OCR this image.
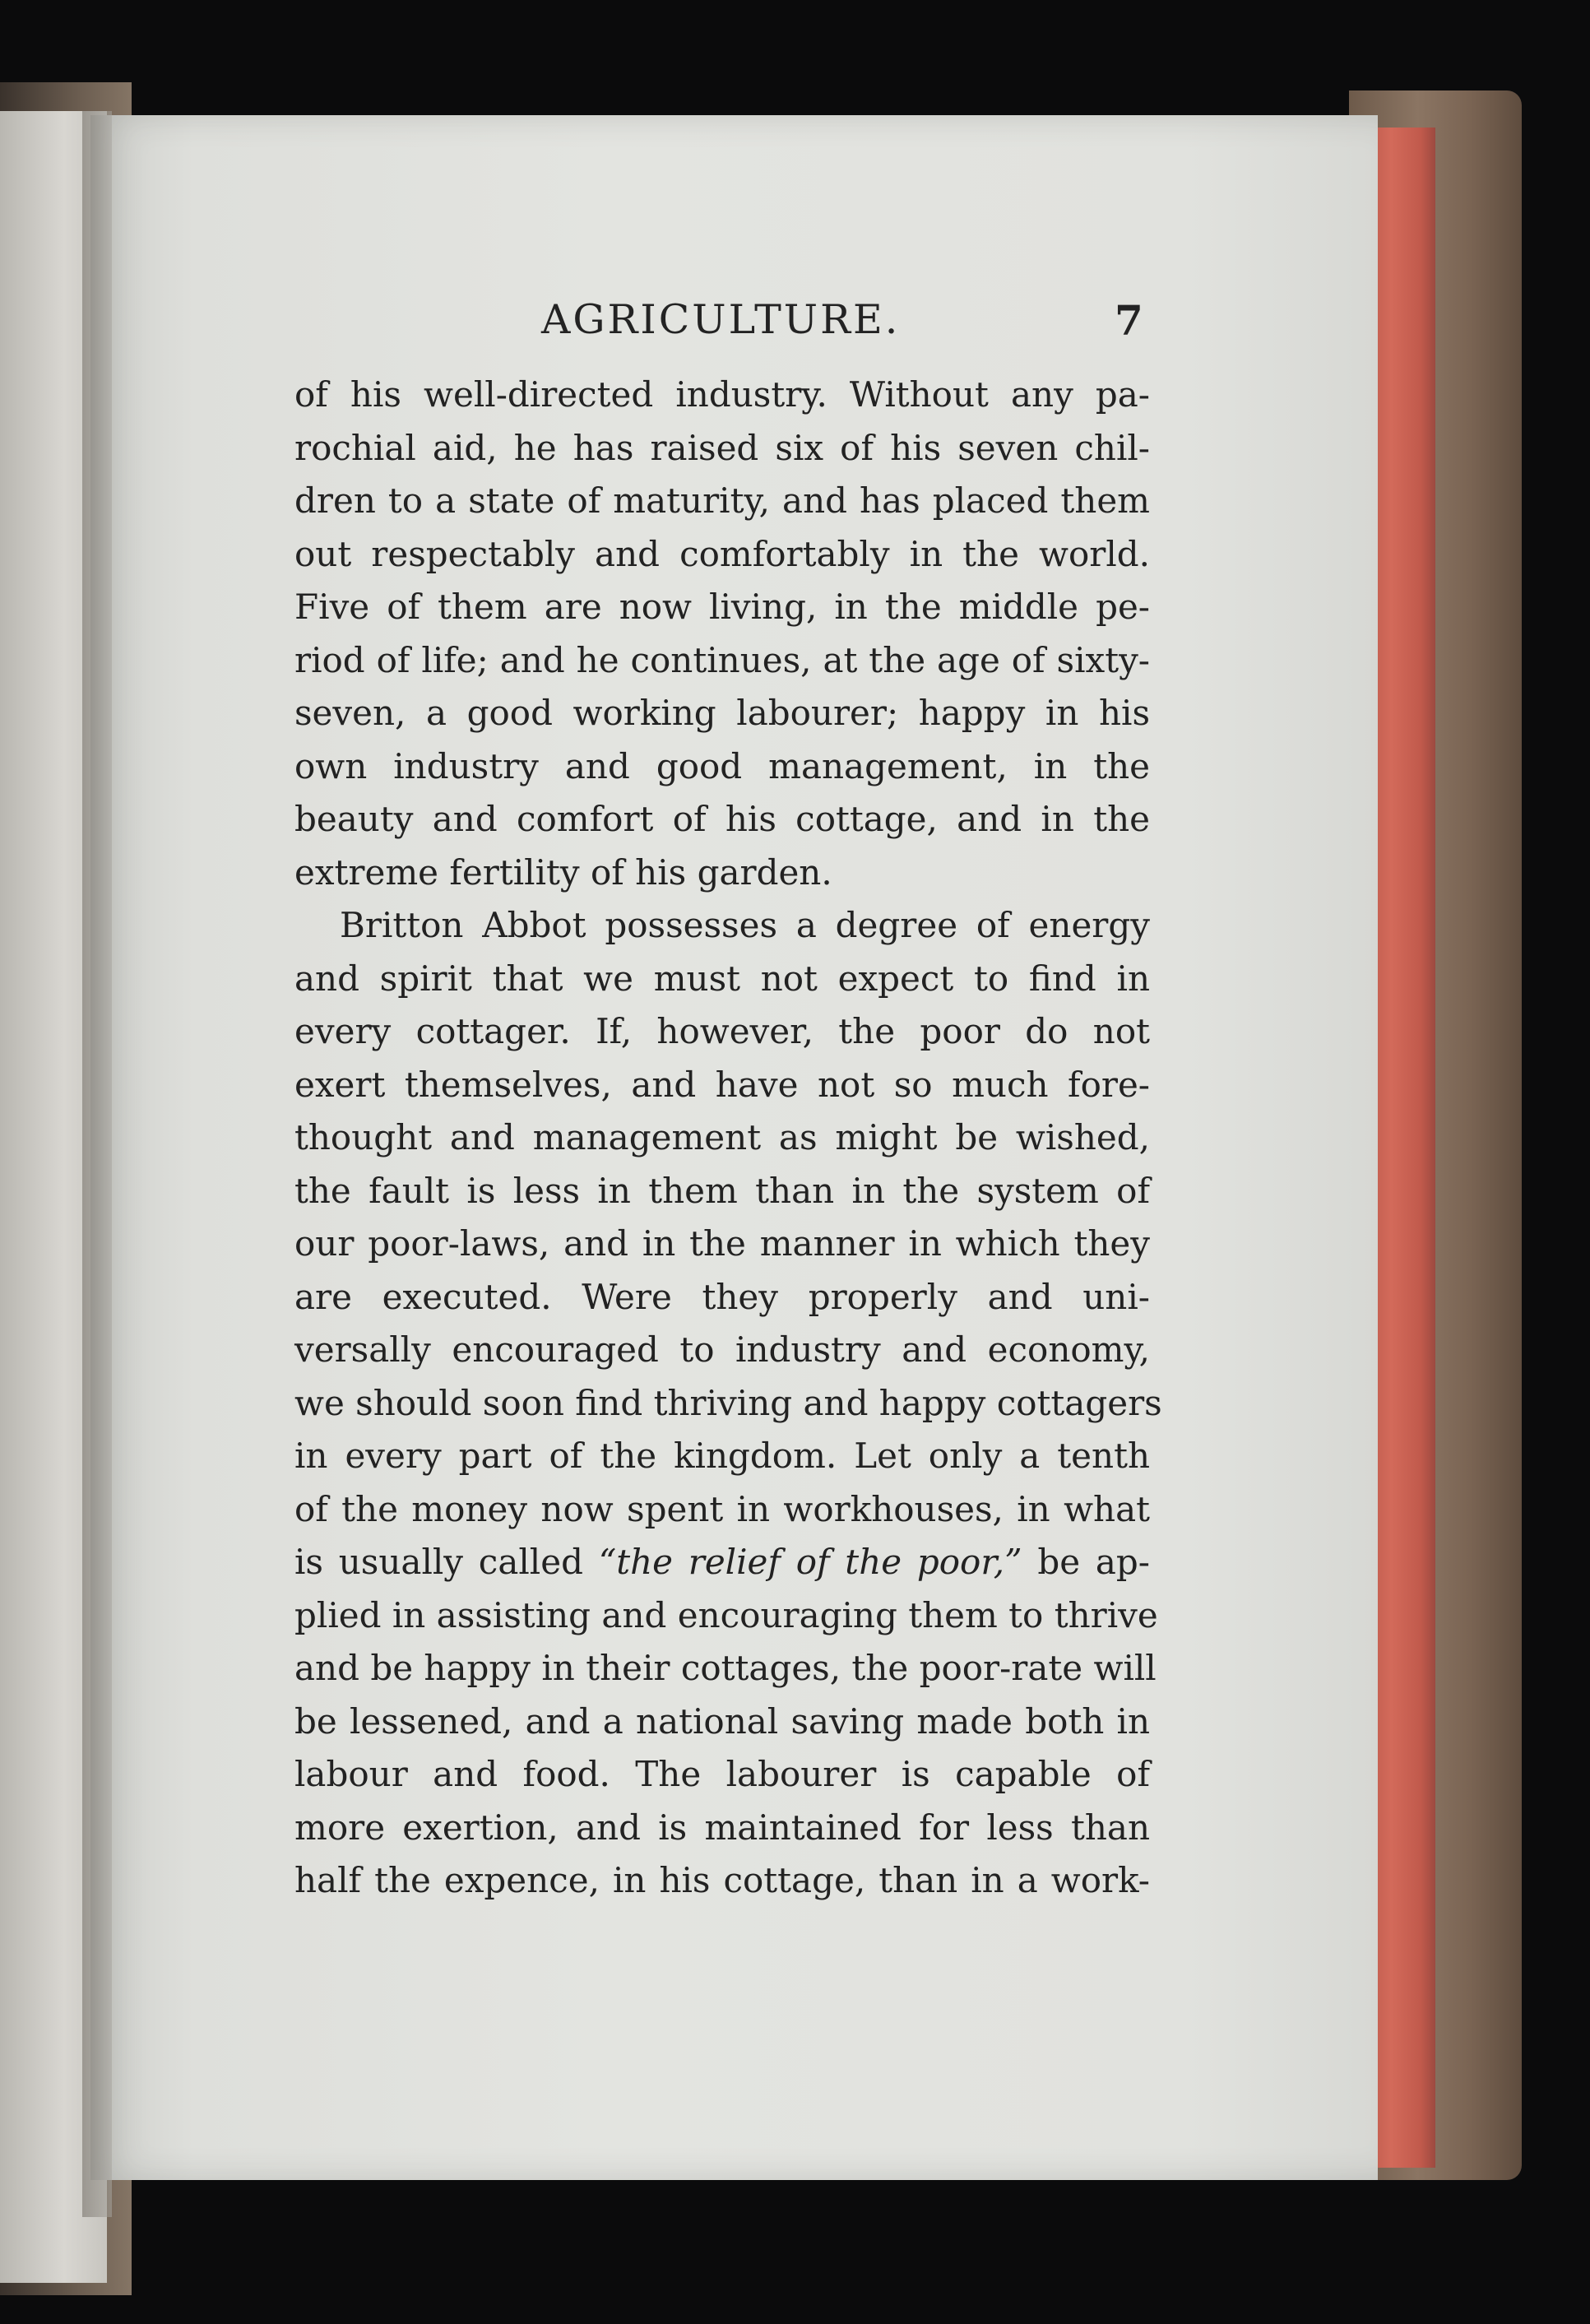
AGRICULTURE.	7
of his well-directed industry. Without any pa-
rochial aid, he has raised six of his seven chil-
dren to a state of maturity, and has placed them
out respectably and comfortably in the world.
Five of them are now living, in the middle pe-
riod of life; and he continues, at the age of sixty-
seven, a good working labourer; happy in his
own industry and good management, in the
beauty and comfort of his cottage, and in the
extreme fertility of his garden.
Britton Abbot possesses a degree of energy
and spirit that we must not expect to find in
every cottager. If, however, the poor do not
exert themselves, and have not so much fore-
thought and management as might be wished,
the fault is less in them than in the system of
our poor-laws, and in the manner in which they
are executed. Were they properly and uni-
versally encouraged to industry and economy,
we should soon find thriving and happy cottagers
in every part of the kingdom. Let only a tenth
of the money now spent in workhouses, in what
is usually called “the relief of the poor,” be ap-
plied in assisting and encouraging them to thrive
and be happy in their cottages, the poor-rate will
be lessened, and a national saving made both in
labour and food. The labourer is capable of
more exertion, and is maintained for less than
half the expence, in his cottage, than in a work-
